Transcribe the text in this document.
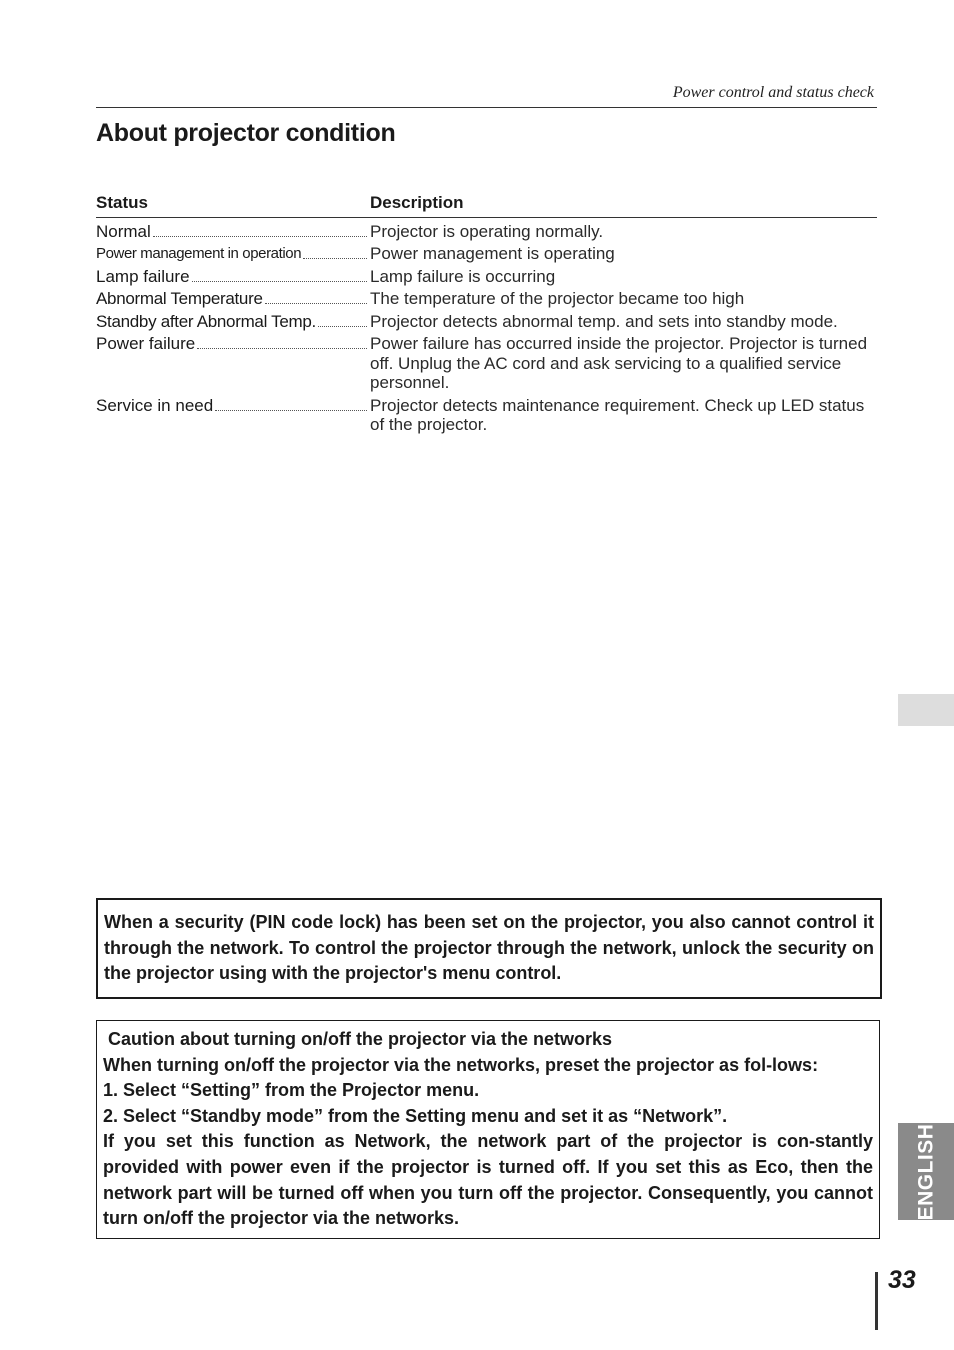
Power control and status check
About projector condition
Status	Description
Normal	Projector is operating normally.
Power management in operation	Power management is operating
Lamp failure	Lamp failure is occurring
Abnormal Temperature	The temperature of the projector became too high
Standby after Abnormal Temp.	Projector detects abnormal temp. and sets into standby mode.
Power failure	Power failure has occurred inside the projector. Projector is turned off. Unplug the AC cord and ask servicing to a qualified service personnel.
Service in need	Projector detects maintenance requirement. Check up LED status of the projector.
When a security (PIN code lock) has been set on the projector, you also cannot control it through the network. To control the projector through the network, unlock the security on the projector using with the projector's menu control.

Caution about turning on/off the projector via the networks

When turning on/off the projector via the networks, preset the projector as fol-lows:

1. Select “Setting” from the Projector menu.

2. Select “Standby mode” from the Setting menu and set it as “Network”.

If you set this function as Network, the network part of the projector is con-stantly provided with power even if the projector is turned off. If you set this as Eco, then the network part will be turned off when you turn off the projector. Consequently, you cannot turn on/off the projector via the networks.	ENGLISH
33
